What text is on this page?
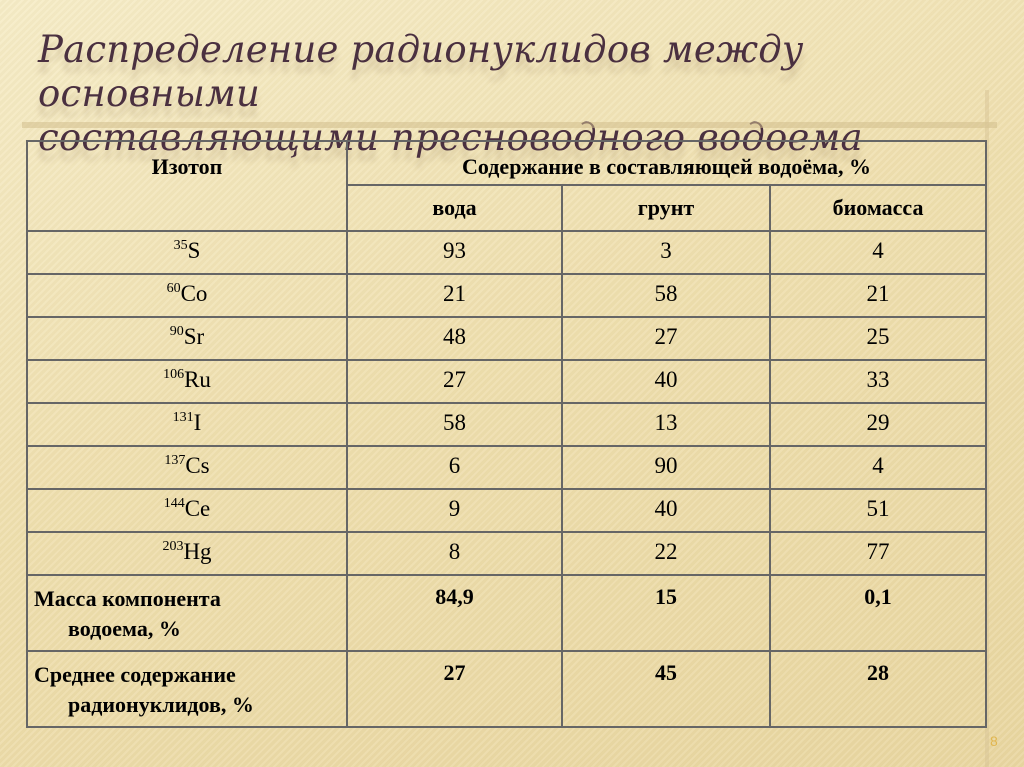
Распределение радионуклидов между основными
составляющими пресноводного водоема
Изотоп	Содержание в составляющей водоёма, %		
	вода	грунт	биомасса
$^{35}$S	93	3	4
$^{60}$Co	21	58	21
$^{90}$Sr	48	27	25
$^{106}$Ru	27	40	33
$^{131}$I	58	13	29
$^{137}$Cs	6	90	4
$^{144}$Ce	9	40	51
$^{203}$Hg	8	22	77

Масса компонента
водоема, %	84,9	15	0,1

Среднее содержание
радионуклидов, %	27	45	28
8
